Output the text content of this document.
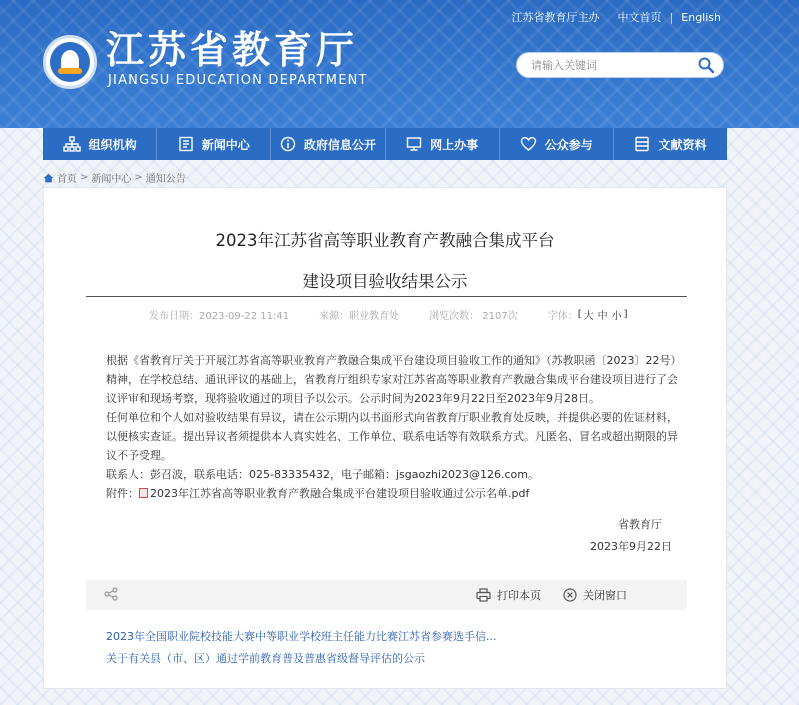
江苏省教育厅主办 中文首页 | English
江苏省教育厅
JIANGSU EDUCATION DEPARTMENT
请输入关键词
组织机构	新闻中心	政府信息公开	网上办事	公众参与	文献资料
首页 > 新闻中心 > 通知公告
2023年江苏省高等职业教育产教融合集成平台
建设项目验收结果公示
发布日期：2023-09-22 11:41	来源：职业教育处	浏览次数： 2107次	字体： [ 大 中 小 ]

根据《省教育厅关于开展江苏省高等职业教育产教融合集成平台建设项目验收工作的通知》（苏教职函〔2023〕22号）精神，在学校总结、通讯评议的基础上，省教育厅组织专家对江苏省高等职业教育产教融合集成平台建设项目进行了会议评审和现场考察，现将验收通过的项目予以公示。公示时间为2023年9月22日至2023年9月28日。

任何单位和个人如对验收结果有异议，请在公示期内以书面形式向省教育厅职业教育处反映，并提供必要的佐证材料，以便核实查证。提出异议者须提供本人真实姓名、工作单位、联系电话等有效联系方式。凡匿名、冒名或超出期限的异议不予受理。

联系人：彭召波，联系电话：025-83335432，电子邮箱：jsgaozhi2023@126.com。

附件： 2023年江苏省高等职业教育产教融合集成平台建设项目验收通过公示名单.pdf

省教育厅
2023年9月22日
打印本页	关闭窗口
2023年全国职业院校技能大赛中等职业学校班主任能力比赛江苏省参赛选手信...
关于有关县（市、区）通过学前教育普及普惠省级督导评估的公示
